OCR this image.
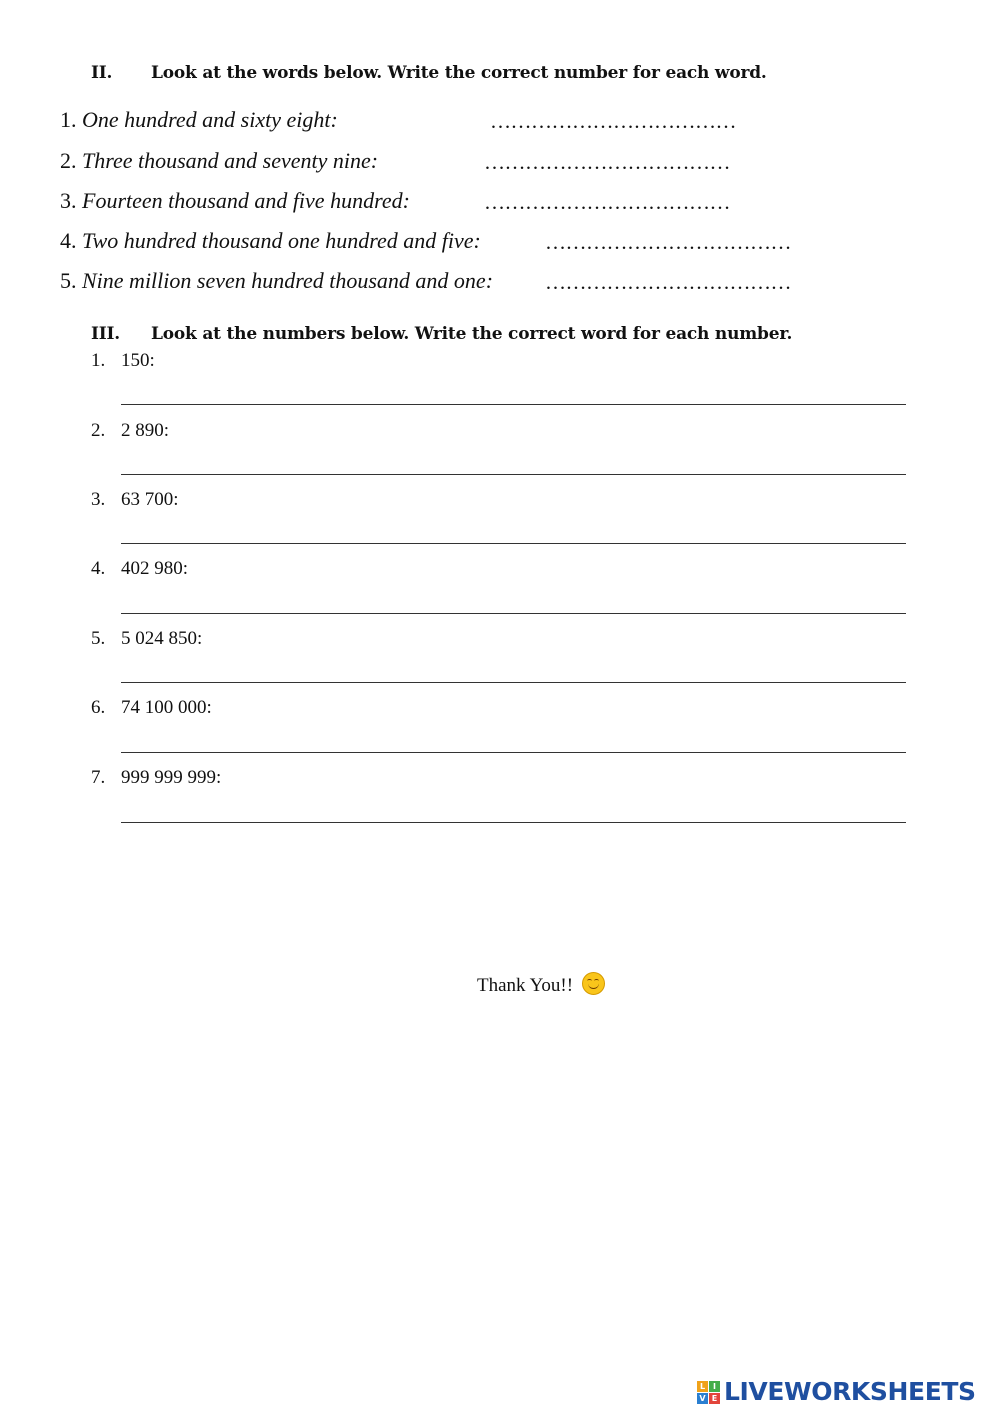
II. Look at the words below. Write the correct number for each word.
1. One hundred and sixty eight:	………………………………
2. Three thousand and seventy nine:	………………………………
3. Fourteen thousand and five hundred:	………………………………
4. Two hundred thousand one hundred and five:	………………………………
5. Nine million seven hundred thousand and one: ………………………………
III. Look at the numbers below. Write the correct word for each number.
1. 150:
2. 2 890:
3. 63 700:
4. 402 980:
5. 5 024 850:
6. 74 100 000:
7. 999 999 999:
Thank You!!
L I
V E LIVEWORKSHEETS
